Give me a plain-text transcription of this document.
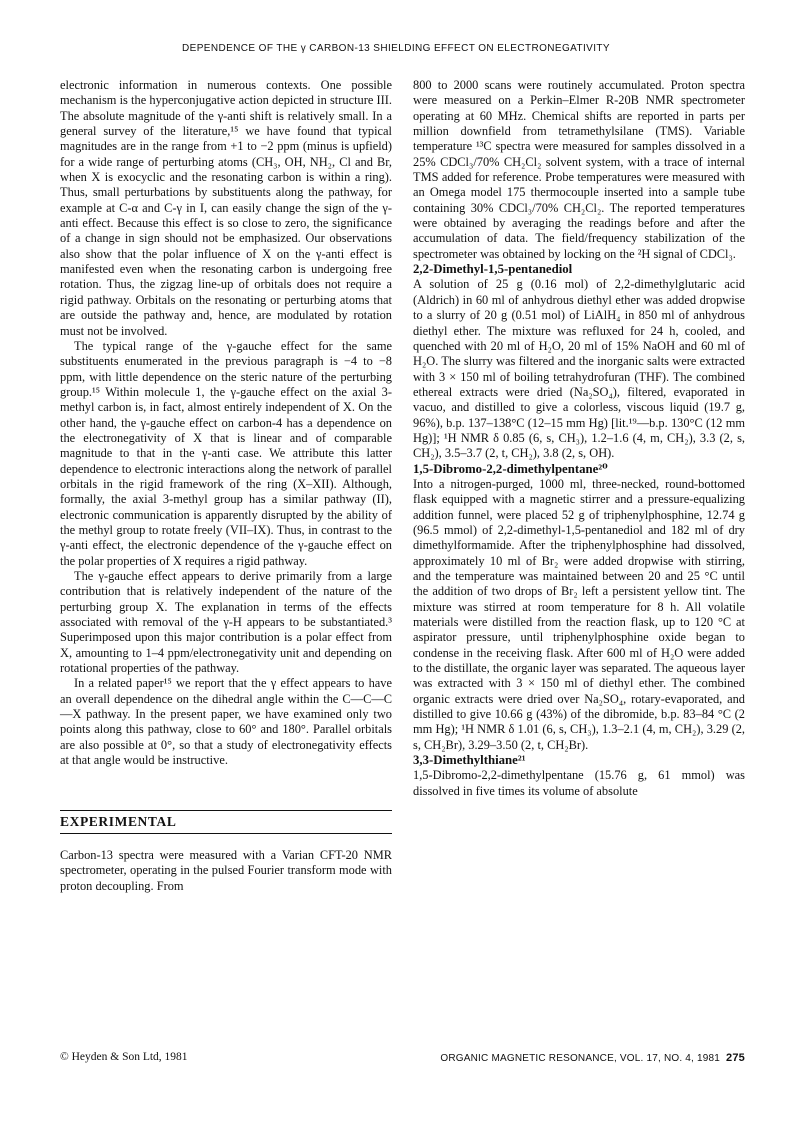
DEPENDENCE OF THE γ CARBON-13 SHIELDING EFFECT ON ELECTRONEGATIVITY

electronic information in numerous contexts. One possible mechanism is the hyperconjugative action depicted in structure III. The absolute magnitude of the γ-anti shift is relatively small. In a general survey of the literature,¹⁵ we have found that typical magnitudes are in the range from +1 to −2 ppm (minus is upfield) for a wide range of perturbing atoms (CH₃, OH, NH₂, Cl and Br, when X is exocyclic and the resonating carbon is within a ring). Thus, small perturbations by substituents along the pathway, for example at C-α and C-γ in I, can easily change the sign of the γ-anti effect. Because this effect is so close to zero, the significance of a change in sign should not be emphasized. Our observations also show that the polar influence of X on the γ-anti effect is manifested even when the resonating carbon is undergoing free rotation. Thus, the zigzag line-up of orbitals does not require a rigid pathway. Orbitals on the resonating or perturbing atoms that are outside the pathway and, hence, are modulated by rotation must not be involved.

The typical range of the γ-gauche effect for the same substituents enumerated in the previous paragraph is −4 to −8 ppm, with little dependence on the steric nature of the perturbing group.¹⁵ Within molecule 1, the γ-gauche effect on the axial 3-methyl carbon is, in fact, almost entirely independent of X. On the other hand, the γ-gauche effect on carbon-4 has a dependence on the electronegativity of X that is linear and of comparable magnitude to that in the γ-anti case. We attribute this latter dependence to electronic interactions along the network of parallel orbitals in the rigid framework of the ring (X–XII). Although, formally, the axial 3-methyl group has a similar pathway (II), electronic communication is apparently disrupted by the ability of the methyl group to rotate freely (VII–IX). Thus, in contrast to the γ-anti effect, the electronic dependence of the γ-gauche effect on the polar properties of X requires a rigid pathway.

The γ-gauche effect appears to derive primarily from a large contribution that is relatively independent of the nature of the perturbing group X. The explanation in terms of the effects associated with removal of the γ-H appears to be substantiated.³ Superimposed upon this major contribution is a polar effect from X, amounting to 1–4 ppm/electronegativity unit and depending on rotational properties of the pathway.

In a related paper¹⁵ we report that the γ effect appears to have an overall dependence on the dihedral angle within the C—C—C—X pathway. In the present paper, we have examined only two points along this pathway, close to 60° and 180°. Parallel orbitals are also possible at 0°, so that a study of electronegativity effects at that angle would be instructive.

EXPERIMENTAL

Carbon-13 spectra were measured with a Varian CFT-20 NMR spectrometer, operating in the pulsed Fourier transform mode with proton decoupling. From

800 to 2000 scans were routinely accumulated. Proton spectra were measured on a Perkin–Elmer R-20B NMR spectrometer operating at 60 MHz. Chemical shifts are reported in parts per million downfield from tetramethylsilane (TMS). Variable temperature ¹³C spectra were measured for samples dissolved in a 25% CDCl₃/70% CH₂Cl₂ solvent system, with a trace of internal TMS added for reference. Probe temperatures were measured with an Omega model 175 thermocouple inserted into a sample tube containing 30% CDCl₃/70% CH₂Cl₂. The reported temperatures were obtained by averaging the readings before and after the accumulation of data. The field/frequency stabilization of the spectrometer was obtained by locking on the ²H signal of CDCl₃.

2,2-Dimethyl-1,5-pentanediol

A solution of 25 g (0.16 mol) of 2,2-dimethylglutaric acid (Aldrich) in 60 ml of anhydrous diethyl ether was added dropwise to a slurry of 20 g (0.51 mol) of LiAlH₄ in 850 ml of anhydrous diethyl ether. The mixture was refluxed for 24 h, cooled, and quenched with 20 ml of H₂O, 20 ml of 15% NaOH and 60 ml of H₂O. The slurry was filtered and the inorganic salts were extracted with 3 × 150 ml of boiling tetrahydrofuran (THF). The combined ethereal extracts were dried (Na₂SO₄), filtered, evaporated in vacuo, and distilled to give a colorless, viscous liquid (19.7 g, 96%), b.p. 137–138°C (12–15 mm Hg) [lit.¹⁹—b.p. 130°C (12 mm Hg)]; ¹H NMR δ 0.85 (6, s, CH₃), 1.2–1.6 (4, m, CH₂), 3.3 (2, s, CH₂), 3.5–3.7 (2, t, CH₂), 3.8 (2, s, OH).

1,5-Dibromo-2,2-dimethylpentane²⁰

Into a nitrogen-purged, 1000 ml, three-necked, round-bottomed flask equipped with a magnetic stirrer and a pressure-equalizing addition funnel, were placed 52 g of triphenylphosphine, 12.74 g (96.5 mmol) of 2,2-dimethyl-1,5-pentanediol and 182 ml of dry dimethylformamide. After the triphenylphosphine had dissolved, approximately 10 ml of Br₂ were added dropwise with stirring, and the temperature was maintained between 20 and 25 °C until the addition of two drops of Br₂ left a persistent yellow tint. The mixture was stirred at room temperature for 8 h. All volatile materials were distilled from the reaction flask, up to 120 °C at aspirator pressure, until triphenylphosphine oxide began to condense in the receiving flask. After 600 ml of H₂O were added to the distillate, the organic layer was separated. The aqueous layer was extracted with 3 × 150 ml of diethyl ether. The combined organic extracts were dried over Na₂SO₄, rotary-evaporated, and distilled to give 10.66 g (43%) of the dibromide, b.p. 83–84 °C (2 mm Hg); ¹H NMR δ 1.01 (6, s, CH₃), 1.3–2.1 (4, m, CH₂), 3.29 (2, s, CH₂Br), 3.29–3.50 (2, t, CH₂Br).

3,3-Dimethylthiane²¹

1,5-Dibromo-2,2-dimethylpentane (15.76 g, 61 mmol) was dissolved in five times its volume of absolute

© Heyden & Son Ltd, 1981	ORGANIC MAGNETIC RESONANCE, VOL. 17, NO. 4, 1981 275
